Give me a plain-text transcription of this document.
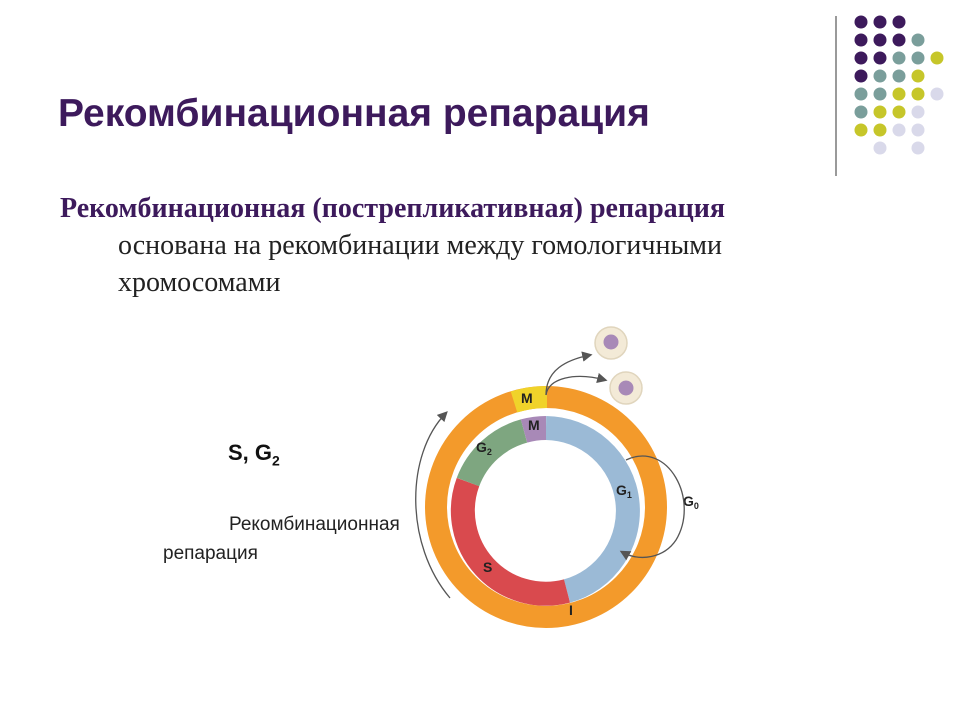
Рекомбинационная репарация
Рекомбинационная (пострепликативная) репарация
основана на рекомбинации между гомологичными хромосомами
M
M
$G_2$
$G_1$	$G_0$
S
I
S, $G_2$
Рекомбинационная
репарация
